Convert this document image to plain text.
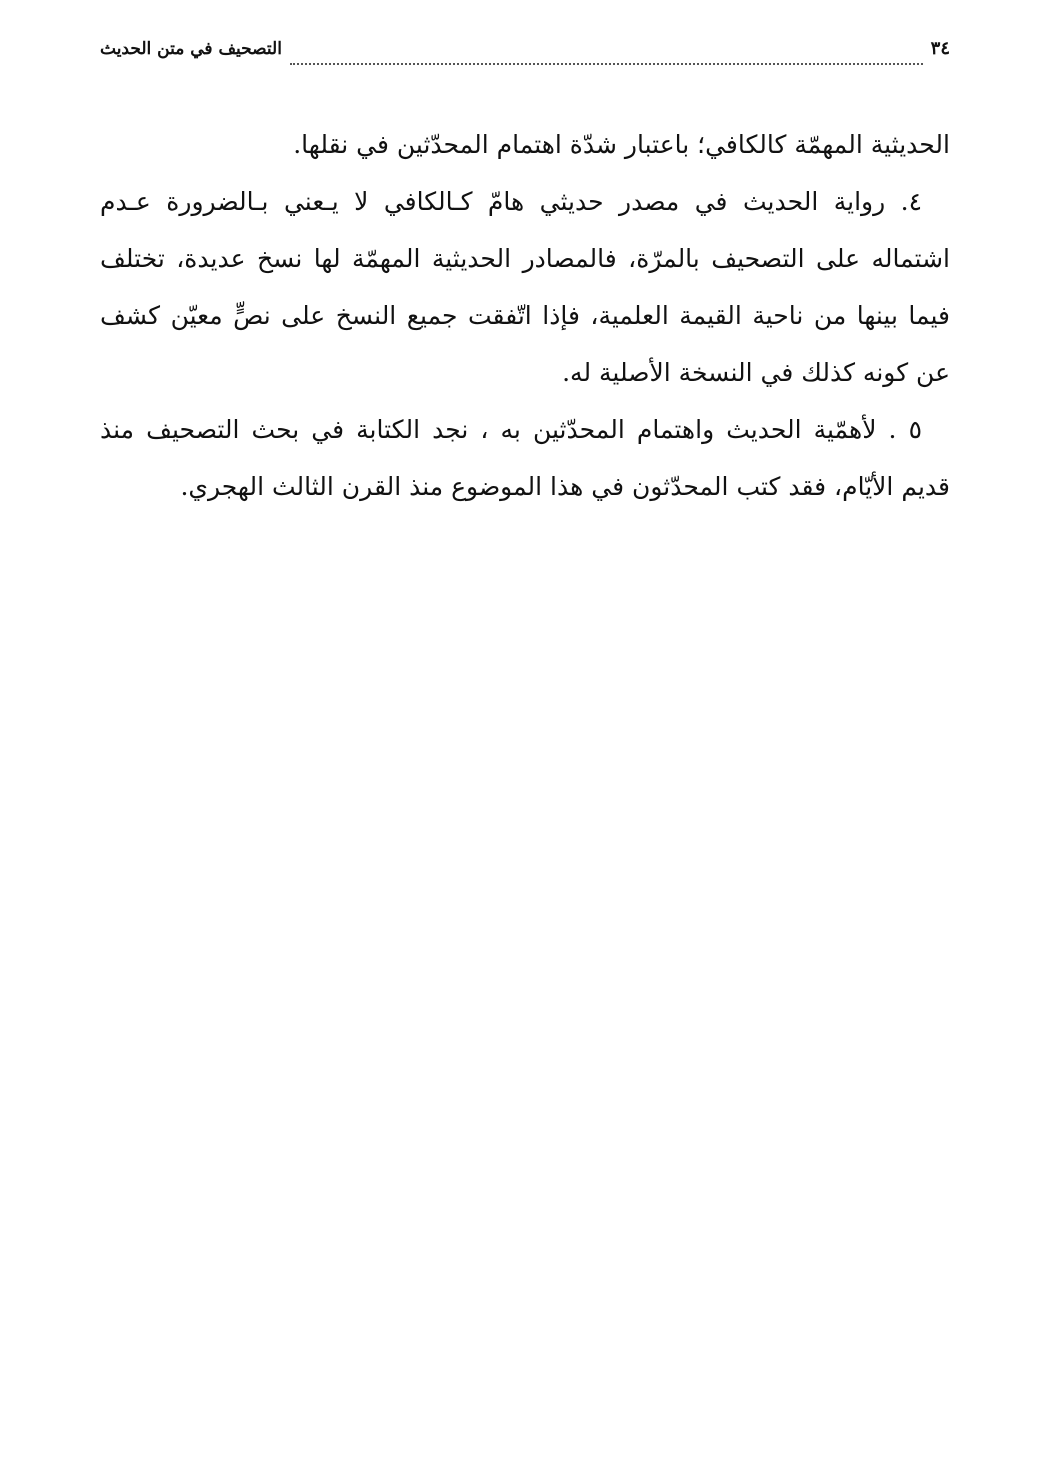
٣٤
التصحيف في متن الحديث

الحديثية المهمّة كالكافي؛ باعتبار شدّة اهتمام المحدّثين في نقلها.

٤. رواية الحديث في مصدر حديثي هامّ كـالكافي لا يـعني بـالضرورة عـدم اشتماله على التصحيف بالمرّة، فالمصادر الحديثية المهمّة لها نسخ عديدة، تختلف فيما بينها من ناحية القيمة العلمية، فإذا اتّفقت جميع النسخ على نصٍّ معيّن كشف عن كونه كذلك في النسخة الأصلية له.

٥ . لأهمّية الحديث واهتمام المحدّثين به ، نجد الكتابة في بحث التصحيف منذ قديم الأيّام، فقد كتب المحدّثون في هذا الموضوع منذ القرن الثالث الهجري.
